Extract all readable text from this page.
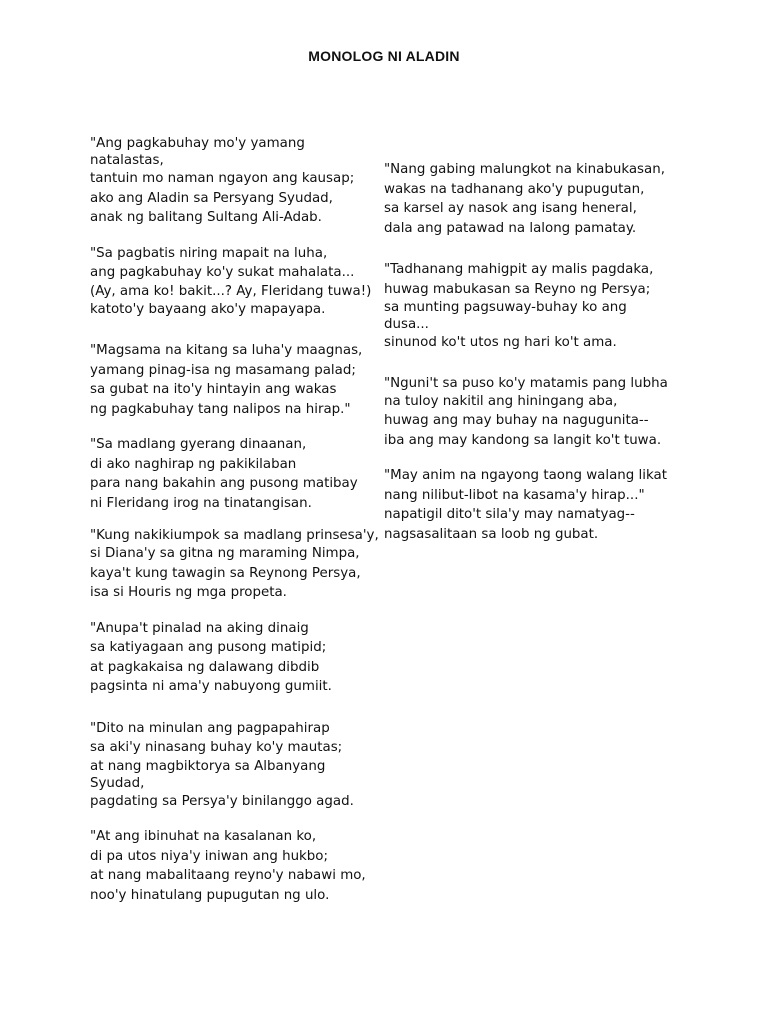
MONOLOG NI ALADIN
"Ang pagkabuhay mo'y yamang natalastas,
tantuin mo naman ngayon ang kausap;
ako ang Aladin sa Persyang Syudad,
anak ng balitang Sultang Ali-Adab.
"Sa pagbatis niring mapait na luha,
ang pagkabuhay ko'y sukat mahalata...
(Ay, ama ko! bakit...? Ay, Fleridang tuwa!)
katoto'y bayaang ako'y mapayapa.
"Magsama na kitang sa luha'y maagnas,
yamang pinag-isa ng masamang palad;
sa gubat na ito'y hintayin ang wakas
ng pagkabuhay tang nalipos na hirap."
"Sa madlang gyerang dinaanan,
di ako naghirap ng pakikilaban
para nang bakahin ang pusong matibay
ni Fleridang irog na tinatangisan.
"Kung nakikiumpok sa madlang prinsesa'y,
si Diana'y sa gitna ng maraming Nimpa,
kaya't kung tawagin sa Reynong Persya,
isa si Houris ng mga propeta.
"Anupa't pinalad na aking dinaig
sa katiyagaan ang pusong matipid;
at pagkakaisa ng dalawang dibdib
pagsinta ni ama'y nabuyong gumiit.
"Dito na minulan ang pagpapahirap
sa aki'y ninasang buhay ko'y mautas;
at nang magbiktorya sa Albanyang Syudad,
pagdating sa Persya'y binilanggo agad.
"At ang ibinuhat na kasalanan ko,
di pa utos niya'y iniwan ang hukbo;
at nang mabalitaang reyno'y nabawi mo,
noo'y hinatulang pupugutan ng ulo.
"Nang gabing malungkot na kinabukasan,
wakas na tadhanang ako'y pupugutan,
sa karsel ay nasok ang isang heneral,
dala ang patawad na lalong pamatay.
"Tadhanang mahigpit ay malis pagdaka,
huwag mabukasan sa Reyno ng Persya;
sa munting pagsuway-buhay ko ang dusa...
sinunod ko't utos ng hari ko't ama.
"Nguni't sa puso ko'y matamis pang lubha
na tuloy nakitil ang hiningang aba,
huwag ang may buhay na nagugunita--
iba ang may kandong sa langit ko't tuwa.
"May anim na ngayong taong walang likat
nang nilibut-libot na kasama'y hirap..."
napatigil dito't sila'y may namatyag--
nagsasalitaan sa loob ng gubat.
